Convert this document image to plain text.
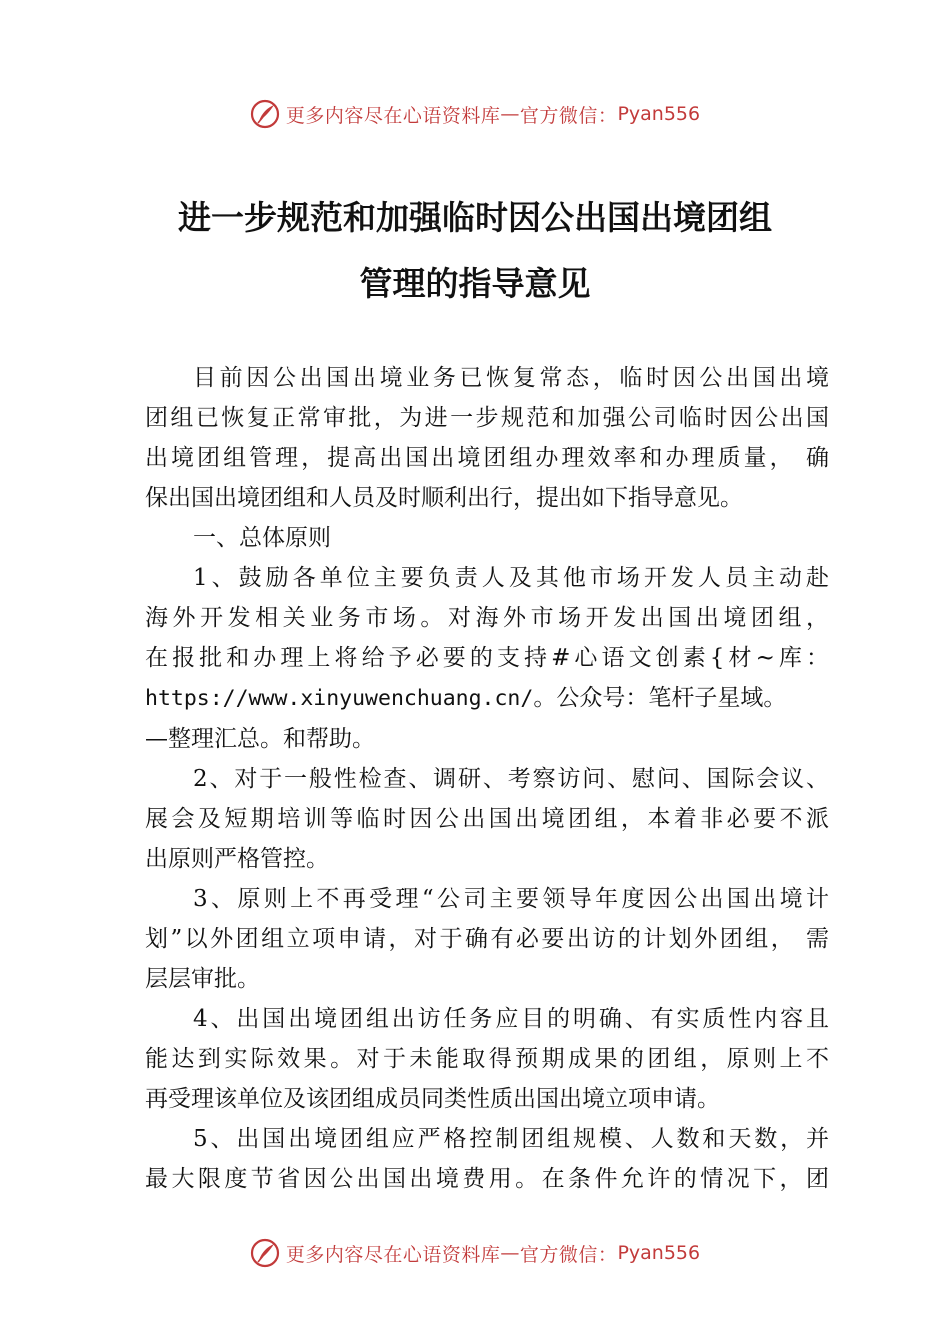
更多内容尽在心语资料库 — 官方微信： Pyan556
进一步规范和加强临时因公出国出境团组
管理的指导意见
目前因公出国出境业务已恢复常态，临时因公出国出境
团组已恢复正常审批，为进一步规范和加强公司临时因公出国
出境团组管理，提高出国出境团组办理效率和办理质量， 确
保出国出境团组和人员及时顺利出行，提出如下指导意见。
一、总体原则
1、鼓励各单位主要负责人及其他市场开发人员主动赴
海外开发相关业务市场。对海外市场开发出国出境团组，
在报批和办理上将给予必要的支持#心语文创素{材~库：
https://www.xinyuwenchuang.cn/。公众号：笔杆子星域。
—整理汇总。和帮助。
2、对于一般性检查、调研、考察访问、慰问、国际会议、
展会及短期培训等临时因公出国出境团组，本着非必要不派
出原则严格管控。
3、原则上不再受理“公司主要领导年度因公出国出境计
划”以外团组立项申请，对于确有必要出访的计划外团组， 需
层层审批。
4、出国出境团组出访任务应目的明确、有实质性内容且
能达到实际效果。对于未能取得预期成果的团组，原则上不
再受理该单位及该团组成员同类性质出国出境立项申请。
5、出国出境团组应严格控制团组规模、人数和天数，并
最大限度节省因公出国出境费用。在条件允许的情况下，团
更多内容尽在心语资料库 — 官方微信： Pyan556
